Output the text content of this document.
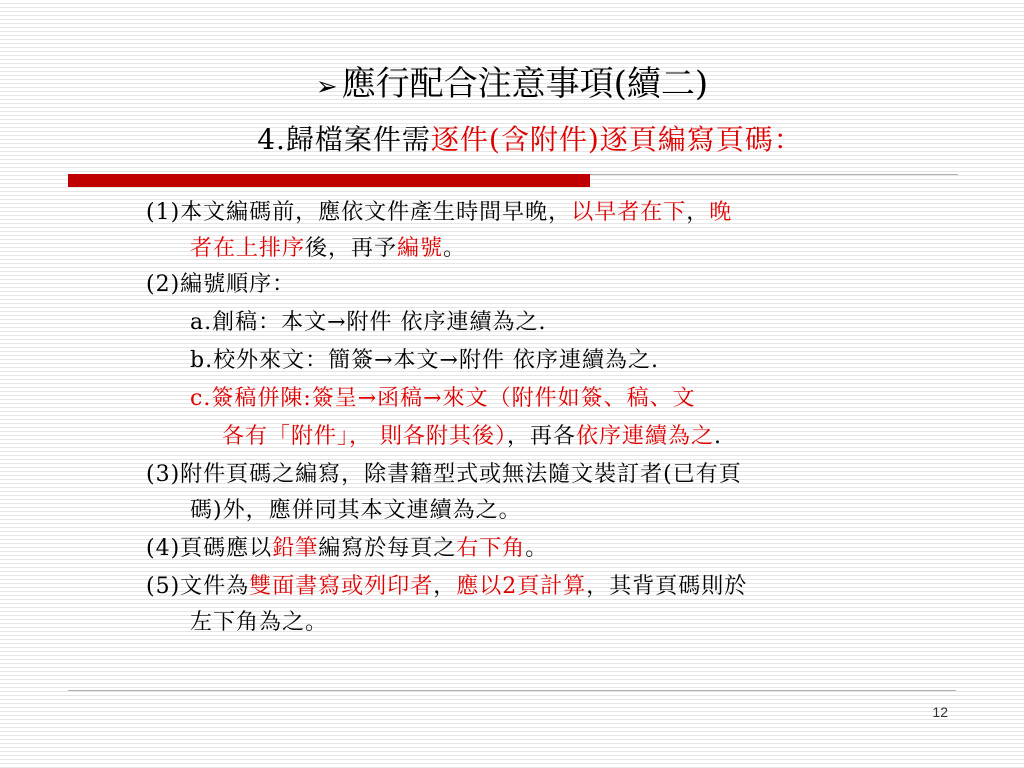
➢ 應行配合注意事項(續二)
4.歸檔案件需逐件(含附件)逐頁編寫頁碼：
(1)本文編碼前，應依文件產生時間早晚，以早者在下，晚
者在上排序後，再予編號。
(2)編號順序：
a.創稿：本文→附件 依序連續為之.
b.校外來文：簡簽→本文→附件 依序連續為之.
c.簽稿併陳:簽呈→函稿→來文（附件如簽、稿、文
各有「附件」， 則各附其後），再各依序連續為之.
(3)附件頁碼之編寫，除書籍型式或無法隨文裝訂者(已有頁
碼)外，應併同其本文連續為之。
(4)頁碼應以鉛筆編寫於每頁之右下角。
(5)文件為雙面書寫或列印者，應以2頁計算，其背頁碼則於
左下角為之。
12
